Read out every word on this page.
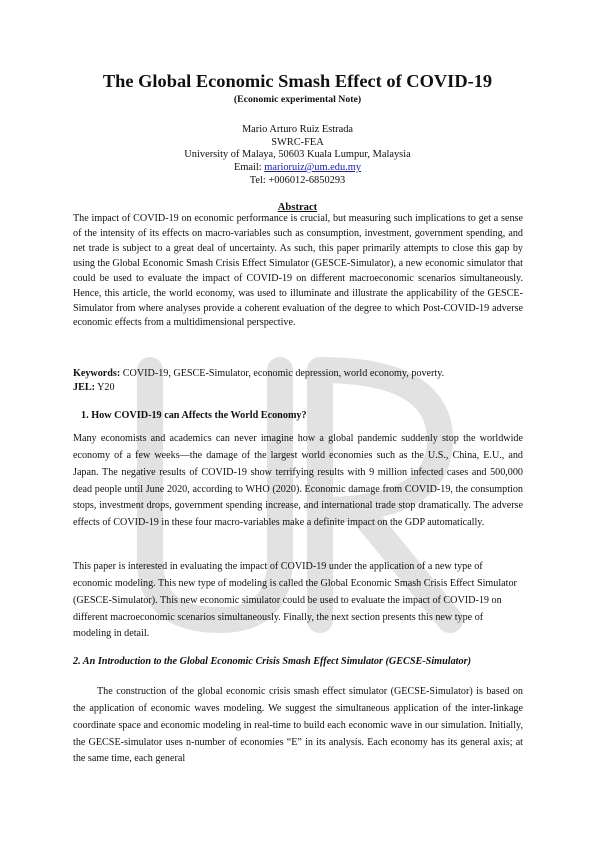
The Global Economic Smash Effect of COVID-19
(Economic experimental Note)
Mario Arturo Ruiz Estrada
SWRC-FEA
University of Malaya, 50603 Kuala Lumpur, Malaysia
Email: marioruiz@um.edu.my
Tel: +006012-6850293
Abstract
The impact of COVID-19 on economic performance is crucial, but measuring such implications to get a sense of the intensity of its effects on macro-variables such as consumption, investment, government spending, and net trade is subject to a great deal of uncertainty. As such, this paper primarily attempts to close this gap by using the Global Economic Smash Crisis Effect Simulator (GESCE-Simulator), a new economic simulator that could be used to evaluate the impact of COVID-19 on different macroeconomic scenarios simultaneously. Hence, this article, the world economy, was used to illuminate and illustrate the applicability of the GESCE-Simulator from where analyses provide a coherent evaluation of the degree to which Post-COVID-19 adverse economic effects from a multidimensional perspective.
Keywords: COVID-19, GESCE-Simulator, economic depression, world economy, poverty.
JEL: Y20
1. How COVID-19 can Affects the World Economy?
Many economists and academics can never imagine how a global pandemic suddenly stop the worldwide economy of a few weeks—the damage of the largest world economies such as the U.S., China, E.U., and Japan. The negative results of COVID-19 show terrifying results with 9 million infected cases and 500,000 dead people until June 2020, according to WHO (2020). Economic damage from COVID-19, the consumption stops, investment drops, government spending increase, and international trade stop dramatically. The adverse effects of COVID-19 in these four macro-variables make a definite impact on the GDP automatically.
This paper is interested in evaluating the impact of COVID-19 under the application of a new type of economic modeling. This new type of modeling is called the Global Economic Smash Crisis Effect Simulator (GESCE-Simulator). This new economic simulator could be used to evaluate the impact of COVID-19 on different macroeconomic scenarios simultaneously. Finally, the next section presents this new type of modeling in detail.
2. An Introduction to the Global Economic Crisis Smash Effect Simulator (GECSE-Simulator)
The construction of the global economic crisis smash effect simulator (GECSE-Simulator) is based on the application of economic waves modeling. We suggest the simultaneous application of the inter-linkage coordinate space and economic modeling in real-time to build each economic wave in our simulation. Initially, the GECSE-simulator uses n-number of economies “E” in its analysis. Each economy has its general axis; at the same time, each general
